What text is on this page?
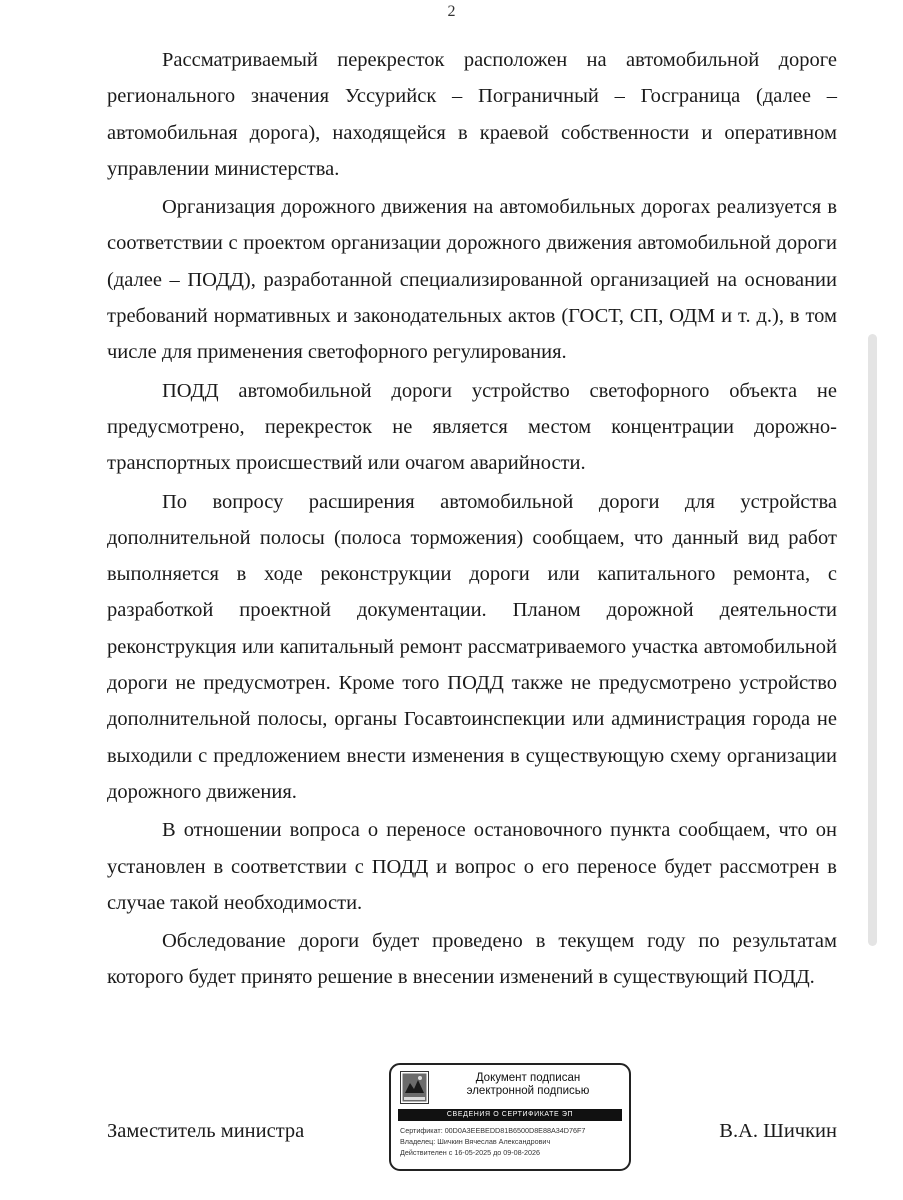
2

Рассматриваемый перекресток расположен на автомобильной дороге регионального значения Уссурийск – Пограничный – Госграница (далее – автомобильная дорога), находящейся в краевой собственности и оперативном управлении министерства.

Организация дорожного движения на автомобильных дорогах реализуется в соответствии с проектом организации дорожного движения автомобильной дороги (далее – ПОДД), разработанной специализированной организацией на основании требований нормативных и законодательных актов (ГОСТ, СП, ОДМ и т. д.), в том числе для применения светофорного регулирования.

ПОДД автомобильной дороги устройство светофорного объекта не предусмотрено, перекресток не является местом концентрации дорожно-транспортных происшествий или очагом аварийности.

По вопросу расширения автомобильной дороги для устройства дополнительной полосы (полоса торможения) сообщаем, что данный вид работ выполняется в ходе реконструкции дороги или капитального ремонта, с разработкой проектной документации. Планом дорожной деятельности реконструкция или капитальный ремонт рассматриваемого участка автомобильной дороги не предусмотрен. Кроме того ПОДД также не предусмотрено устройство дополнительной полосы, органы Госавтоинспекции или администрация города не выходили с предложением внести изменения в существующую схему организации дорожного движения.

В отношении вопроса о переносе остановочного пункта сообщаем, что он установлен в соответствии с ПОДД и вопрос о его переносе будет рассмотрен в случае такой необходимости.

Обследование дороги будет проведено в текущем году по результатам которого будет принято решение в внесении изменений в существующий ПОДД.

Документ подписан
электронной подписью
СВЕДЕНИЯ О СЕРТИФИКАТЕ ЭП
Сертификат: 00D0A3EEBEDD81B6500D8E88A34D76F7
Владелец: Шичкин Вячеслав Александрович
Действителен с 16-05-2025 до 09-08-2026
Заместитель министра	В.А. Шичкин
